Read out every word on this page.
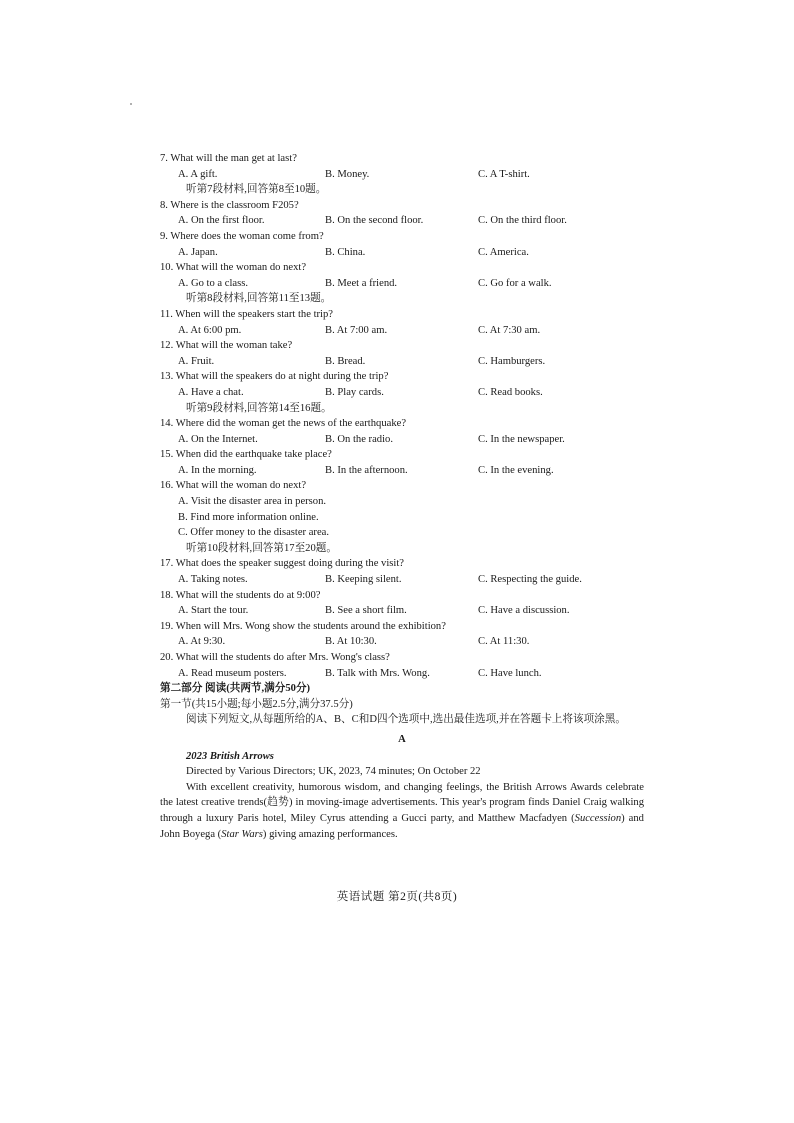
7. What will the man get at last?
A. A gift.	B. Money.	C. A T-shirt.
听第7段材料,回答第8至10题。
8. Where is the classroom F205?
A. On the first floor.	B. On the second floor.	C. On the third floor.
9. Where does the woman come from?
A. Japan.	B. China.	C. America.
10. What will the woman do next?
A. Go to a class.	B. Meet a friend.	C. Go for a walk.
听第8段材料,回答第11至13题。
11. When will the speakers start the trip?
A. At 6:00 pm.	B. At 7:00 am.	C. At 7:30 am.
12. What will the woman take?
A. Fruit.	B. Bread.	C. Hamburgers.
13. What will the speakers do at night during the trip?
A. Have a chat.	B. Play cards.	C. Read books.
听第9段材料,回答第14至16题。
14. Where did the woman get the news of the earthquake?
A. On the Internet.	B. On the radio.	C. In the newspaper.
15. When did the earthquake take place?
A. In the morning.	B. In the afternoon.	C. In the evening.
16. What will the woman do next?
A. Visit the disaster area in person.
B. Find more information online.
C. Offer money to the disaster area.
听第10段材料,回答第17至20题。
17. What does the speaker suggest doing during the visit?
A. Taking notes.	B. Keeping silent.	C. Respecting the guide.
18. What will the students do at 9:00?
A. Start the tour.	B. See a short film.	C. Have a discussion.
19. When will Mrs. Wong show the students around the exhibition?
A. At 9:30.	B. At 10:30.	C. At 11:30.
20. What will the students do after Mrs. Wong's class?
A. Read museum posters.	B. Talk with Mrs. Wong.	C. Have lunch.
第二部分 阅读(共两节,满分50分)
第一节(共15小题;每小题2.5分,满分37.5分)
阅读下列短文,从每题所给的A、B、C和D四个选项中,选出最佳选项,并在答题卡上将该项涂黑。
A
2023 British Arrows
Directed by Various Directors; UK, 2023, 74 minutes; On October 22
With excellent creativity, humorous wisdom, and changing feelings, the British Arrows Awards celebrate the latest creative trends(趋势) in moving-image advertisements. This year's program finds Daniel Craig walking through a luxury Paris hotel, Miley Cyrus attending a Gucci party, and Matthew Macfadyen (Succession) and John Boyega (Star Wars) giving amazing performances.
英语试题 第2页(共8页)
